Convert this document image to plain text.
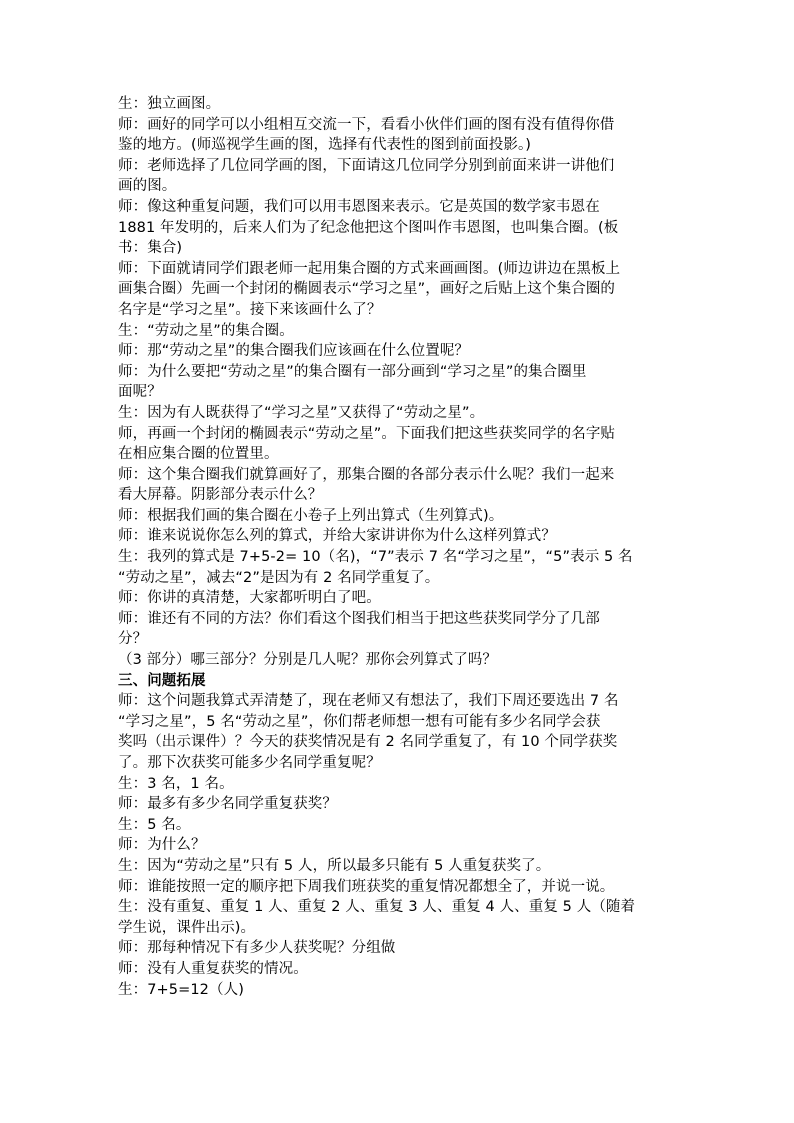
生：独立画图。
师：画好的同学可以小组相互交流一下，看看小伙伴们画的图有没有值得你借
鉴的地方。(师巡视学生画的图，选择有代表性的图到前面投影。)
师：老师选择了几位同学画的图，下面请这几位同学分别到前面来讲一讲他们
画的图。
师：像这种重复问题，我们可以用韦恩图来表示。它是英国的数学家韦恩在
1881 年发明的，后来人们为了纪念他把这个图叫作韦恩图，也叫集合圈。(板
书：集合)
师：下面就请同学们跟老师一起用集合圈的方式来画画图。(师边讲边在黑板上
画集合圈）先画一个封闭的椭圆表示“学习之星”，画好之后贴上这个集合圈的
名字是“学习之星”。接下来该画什么了？
生：“劳动之星”的集合圈。
师：那“劳动之星”的集合圈我们应该画在什么位置呢？
师：为什么要把“劳动之星”的集合圈有一部分画到“学习之星”的集合圈里
面呢？
生：因为有人既获得了“学习之星”又获得了“劳动之星”。
师，再画一个封闭的椭圆表示“劳动之星”。下面我们把这些获奖同学的名字贴
在相应集合圈的位置里。
师：这个集合圈我们就算画好了，那集合圈的各部分表示什么呢？我们一起来
看大屏幕。阴影部分表示什么？
师：根据我们画的集合圈在小卷子上列出算式（生列算式)。
师：谁来说说你怎么列的算式，并给大家讲讲你为什么这样列算式？
生：我列的算式是 7+5-2= 10（名)，“7”表示 7 名“学习之星”，“5”表示 5 名
“劳动之星”，减去“2”是因为有 2 名同学重复了。
师：你讲的真清楚，大家都听明白了吧。
师：谁还有不同的方法？你们看这个图我们相当于把这些获奖同学分了几部
分？
（3 部分）哪三部分？分别是几人呢？那你会列算式了吗？
三、问题拓展
师：这个问题我算式弄清楚了，现在老师又有想法了，我们下周还要选出 7 名
“学习之星”，5 名“劳动之星”，你们帮老师想一想有可能有多少名同学会获
奖吗（出示课件）？今天的获奖情况是有 2 名同学重复了，有 10 个同学获奖
了。那下次获奖可能多少名同学重复呢？
生：3 名，1 名。
师：最多有多少名同学重复获奖？
生：5 名。
师：为什么？
生：因为“劳动之星”只有 5 人，所以最多只能有 5 人重复获奖了。
师：谁能按照一定的顺序把下周我们班获奖的重复情况都想全了，并说一说。
生：没有重复、重复 1 人、重复 2 人、重复 3 人、重复 4 人、重复 5 人（随着
学生说，课件出示)。
师：那每种情况下有多少人获奖呢？分组做
师：没有人重复获奖的情况。
生：7+5=12（人)
